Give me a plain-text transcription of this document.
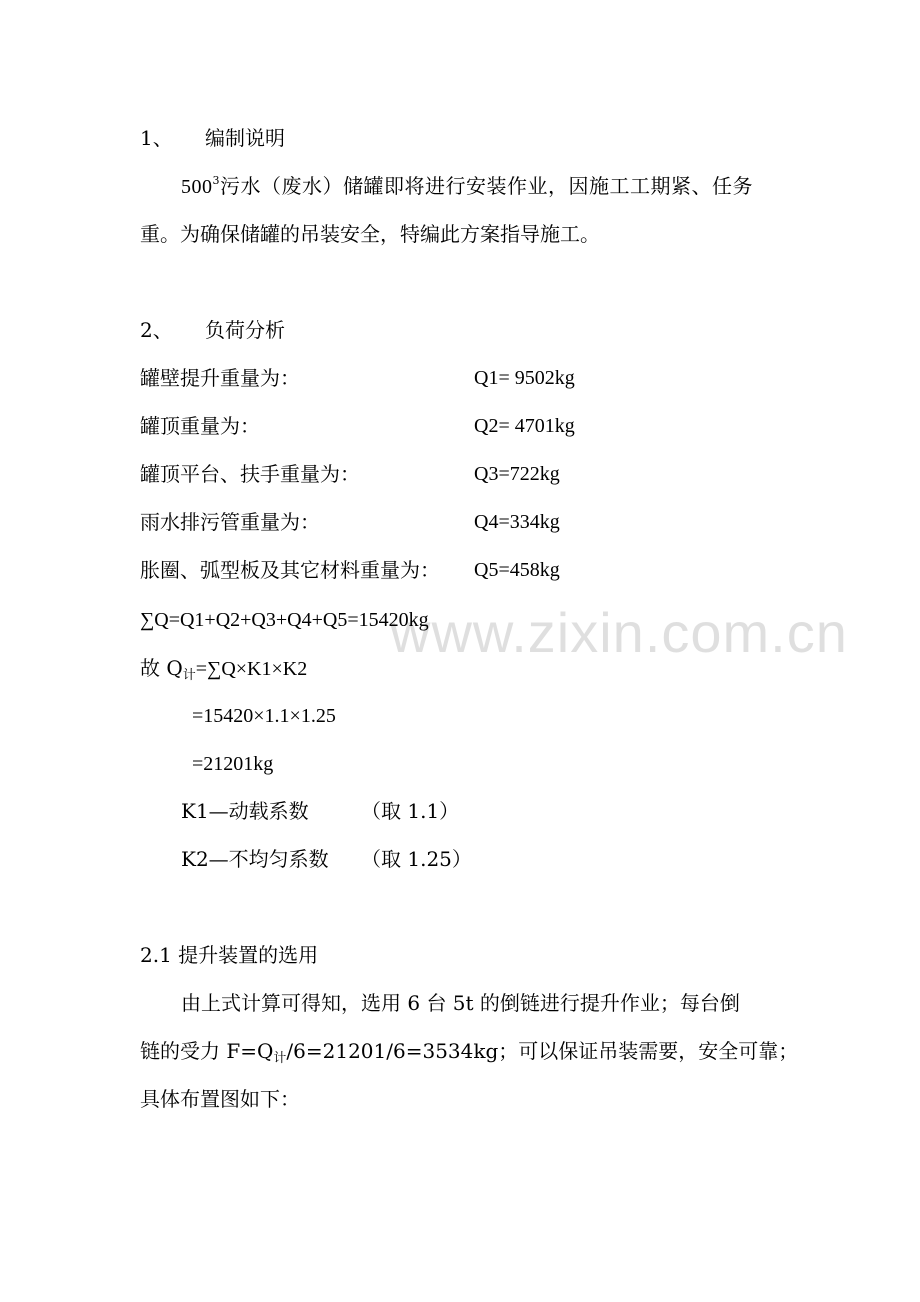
www.zixin.com.cn
1、 编制说明
$500^3$污水（废水）储罐即将进行安装作业，因施工工期紧、任务
重。为确保储罐的吊装安全，特编此方案指导施工。
2、 负荷分析
罐壁提升重量为：	Q1= 9502kg
罐顶重量为：	Q2= 4701kg
罐顶平台、扶手重量为：	Q3=722kg
雨水排污管重量为：	Q4=334kg
胀圈、弧型板及其它材料重量为： Q5=458kg
∑Q=Q1+Q2+Q3+Q4+Q5=15420kg
故 $Q_计=\sum Q\times K1\times K2$
=15420×1.1×1.25
=21201kg
K1—动载系数	（取 1.1）
K2—不均匀系数 （取 1.25）
2.1 提升装置的选用
由上式计算可得知，选用 6 台 5t 的倒链进行提升作业；每台倒
链的受力 $F=Q_计/6=21201/6=3534kg$；可以保证吊装需要，安全可靠；
具体布置图如下：
